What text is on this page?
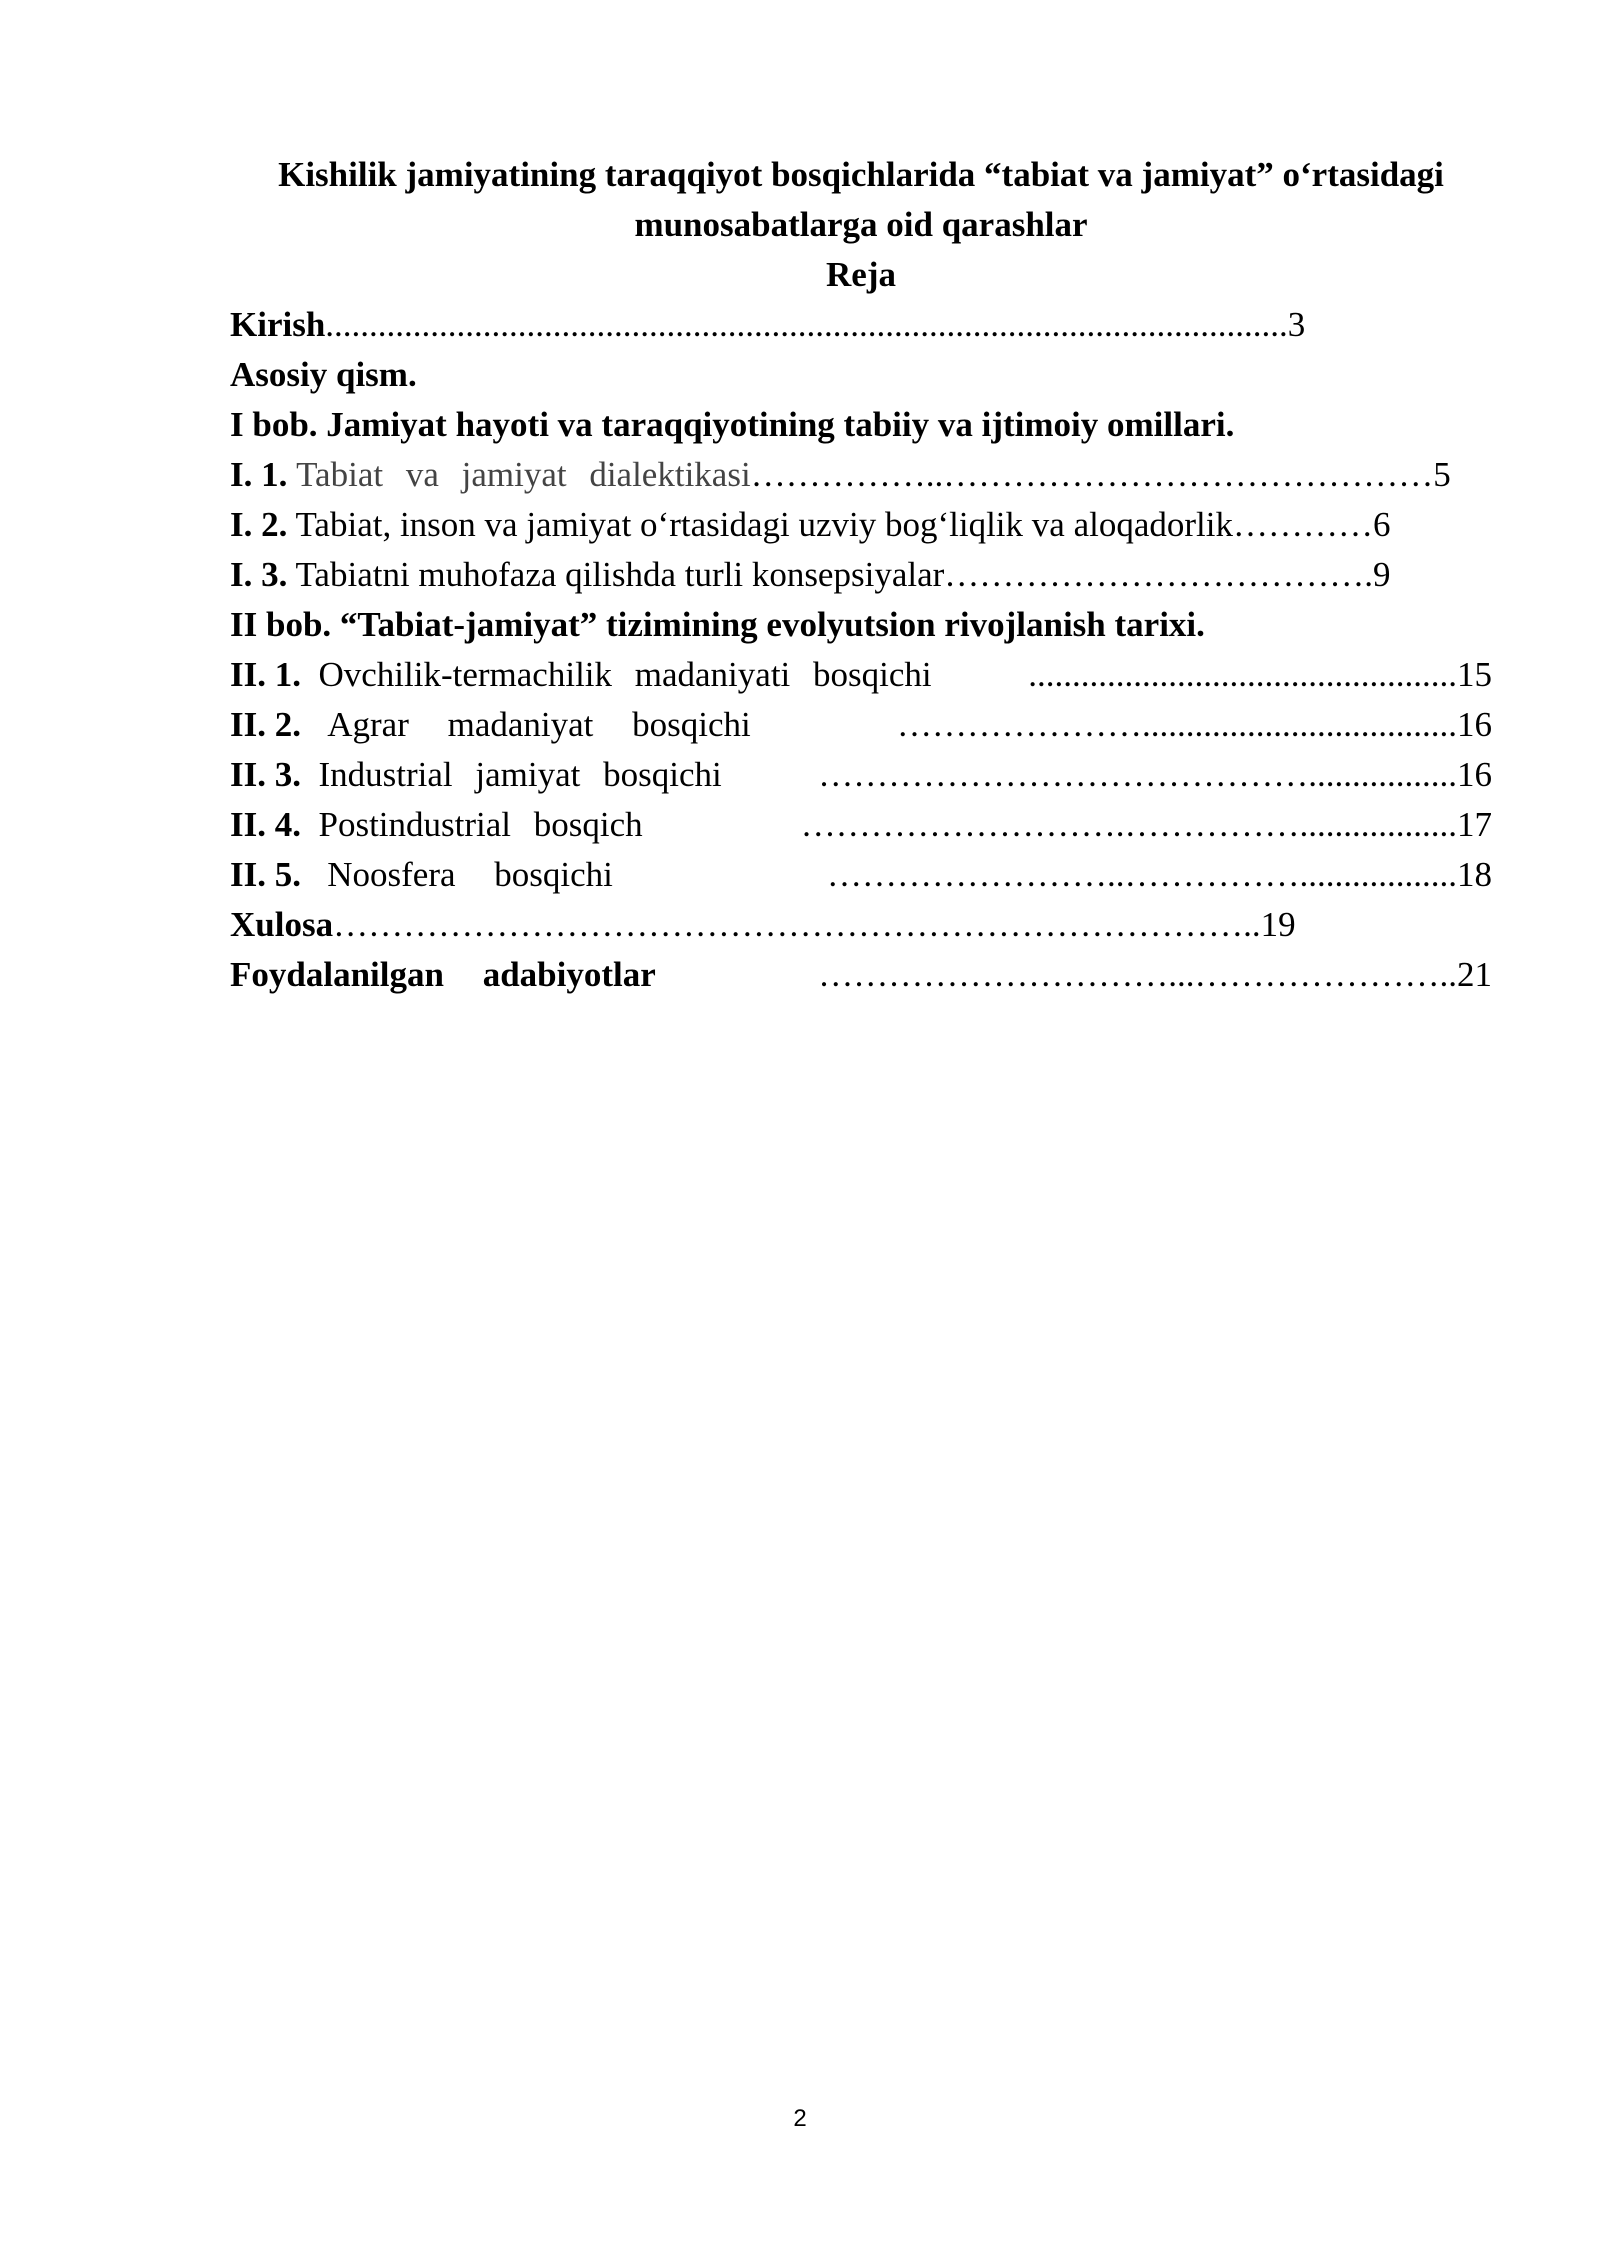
Kishilik jamiyatining taraqqiyot bosqichlarida “tabiat va jamiyat” o‘rtasidagi munosabatlarga oid qarashlar

Reja

Kirish..............................................................................................................3
Asosiy qism.
I bob. Jamiyat hayoti va taraqqiyotining tabiiy va ijtimoiy omillari.
I. 1. Tabiat va jamiyat dialektikasi……………..……………………………………5
I. 2. Tabiat, inson va jamiyat o‘rtasidagi uzviy bog‘liqlik va aloqadorlik…………6
I. 3. Tabiatni muhofaza qilishda turli konsepsiyalar……………………………….9
II bob. “Tabiat-jamiyat” tizimining evolyutsion rivojlanish tarixi.
II. 1. Ovchilik-termachilik madaniyati bosqichi	.................................................15
II. 2. Agrar madaniyat bosqichi	…………………....................................16
II. 3. Industrial jamiyat bosqichi	…………………………………….................16
II. 4. Postindustrial bosqich	……………………….……………..................17
II. 5. Noosfera bosqichi	……………………..……………..................18
Xulosa……………………………………………………………………..19
Foydalanilgan adabiyotlar	…………………………...…………………..21
2
